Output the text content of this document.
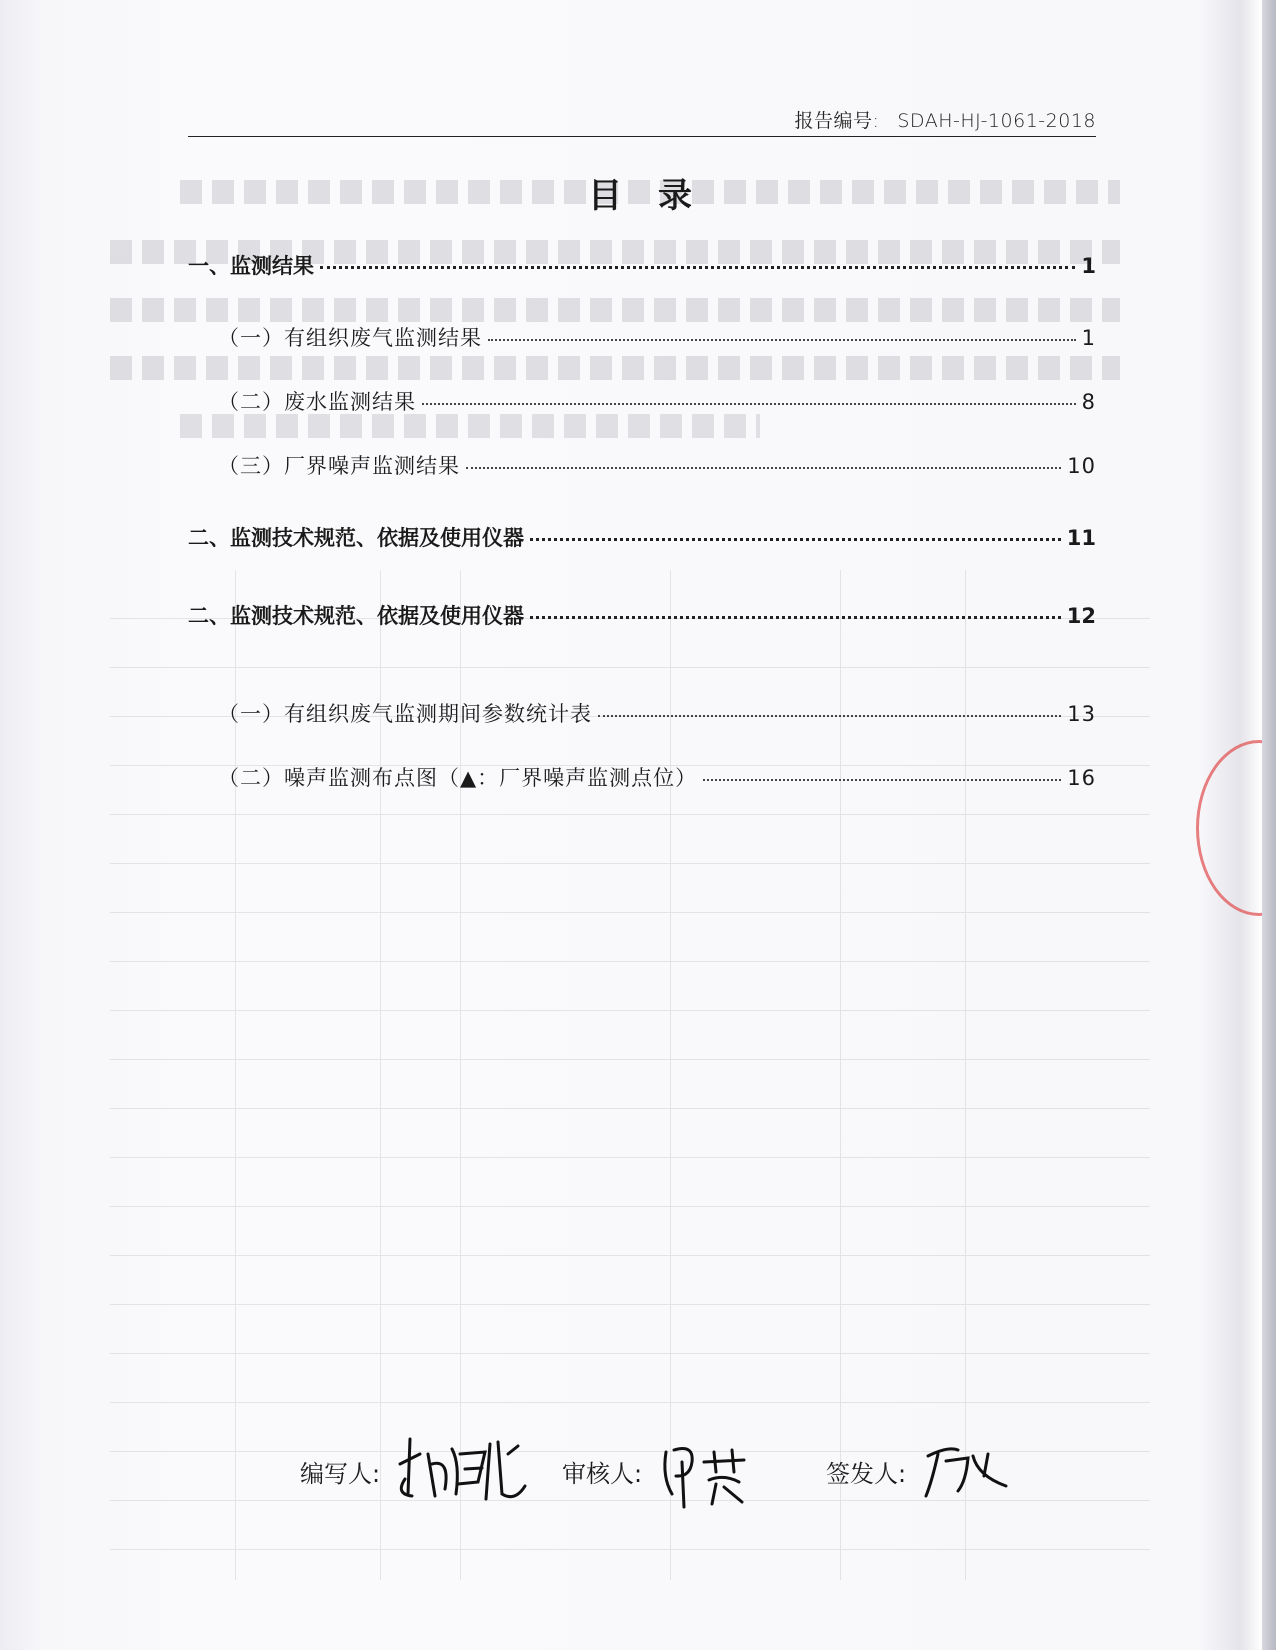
报告编号: SDAH-HJ-1061-2018
目录
一、监测结果	1
（一）有组织废气监测结果	1
（二）废水监测结果	8
（三）厂界噪声监测结果	10
二、监测技术规范、依据及使用仪器	11
二、监测技术规范、依据及使用仪器	12
（一）有组织废气监测期间参数统计表	13
（二）噪声监测布点图（▲：厂界噪声监测点位）	16
编写人:	审核人:	签发人:
